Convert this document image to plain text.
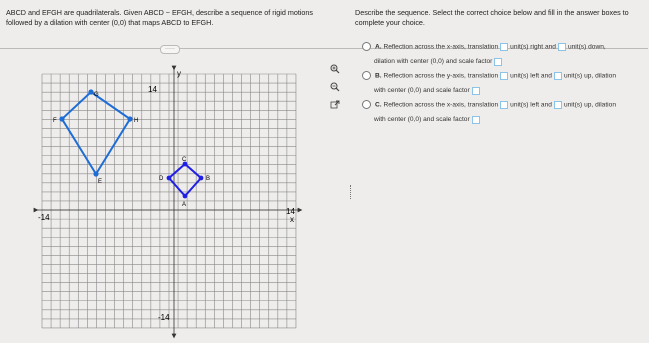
ABCD and EFGH are quadrilaterals. Given ABCD ~ EFGH, describe a sequence of rigid motions
followed by a dilation with center (0,0) that maps ABCD to EFGH.
Describe the sequence. Select the correct choice below and fill in the answer boxes to
complete your choice.
·····
y
x
14
-14
-14
14
G
F	H
E
C
D	B
A
A. Reflection across the x-axis, translation unit(s) right and unit(s) down,
dilation with center (0,0) and scale factor
B. Reflection across the y-axis, translation unit(s) left and unit(s) up, dilation
with center (0,0) and scale factor
C. Reflection across the x-axis, translation unit(s) left and unit(s) up, dilation
with center (0,0) and scale factor
